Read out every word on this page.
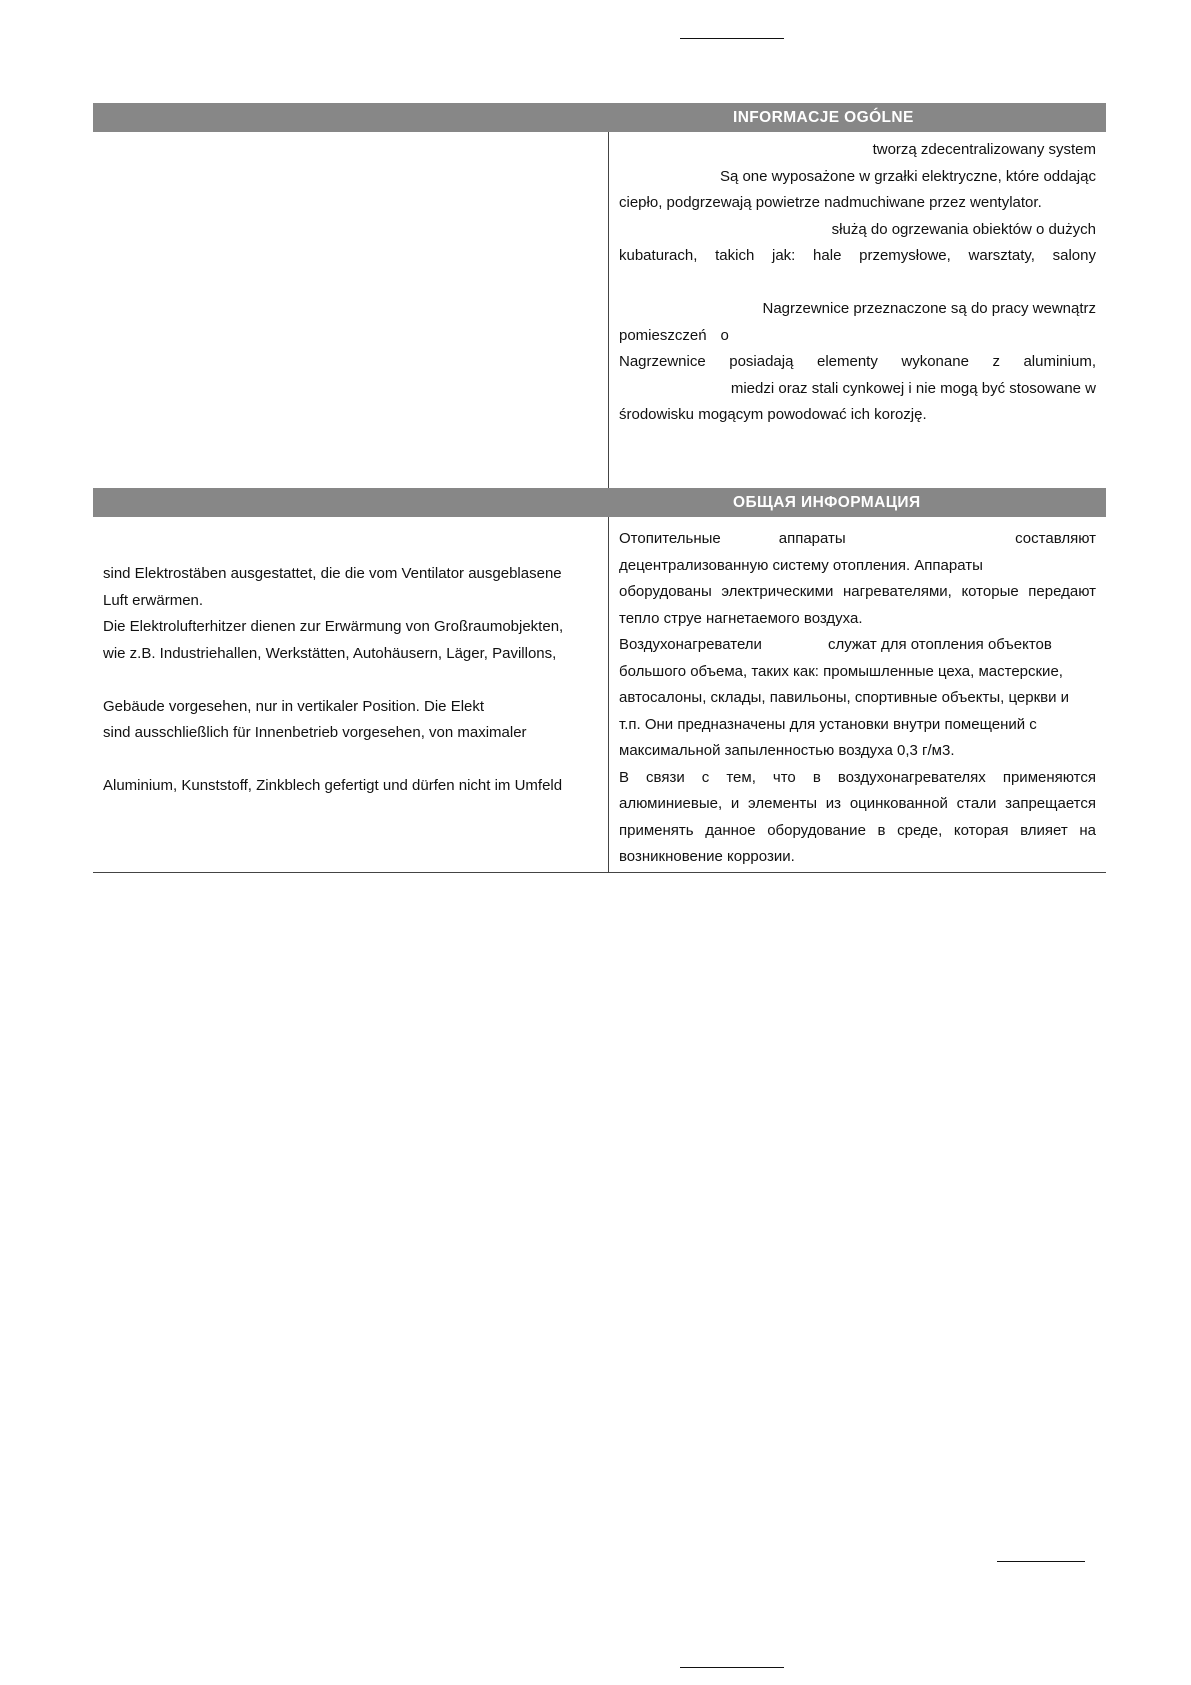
INFORMACJE OGÓLNE
tworzą zdecentralizowany system
Są one wyposażone w grzałki elektryczne, które oddając
ciepło, podgrzewają powietrze nadmuchiwane przez wentylator.
służą do ogrzewania obiektów o dużych
kubaturach, takich jak: hale przemysłowe, warsztaty, salony
Nagrzewnice przeznaczone są do pracy wewnątrz
pomieszczeń o
Nagrzewnice posiadają elementy wykonane z aluminium,
miedzi oraz stali cynkowej i nie mogą być stosowane w
środowisku mogącym powodować ich korozję.
ОБЩАЯ ИНФОРМАЦИЯ
sind Elektrostäben ausgestattet, die die vom Ventilator ausgeblasene
Luft erwärmen.
Die Elektrolufterhitzer dienen zur Erwärmung von Großraumobjekten,
wie z.B. Industriehallen, Werkstätten, Autohäusern, Läger, Pavillons,
Gebäude vorgesehen, nur in vertikaler Position. Die Elekt
sind ausschließlich für Innenbetrieb vorgesehen, von maximaler
Aluminium, Kunststoff, Zinkblech gefertigt und dürfen nicht im Umfeld
Отопительные	аппараты	составляют
децентрализованную системy отопления. Аппараты
оборудованы электрическими нагревателями, которые передают
тепло струе нагнетаемого воздуха.
Воздухонагреватели	служат для отопления объектов
большого объема, таких как: промышленные цеха, мастерские,
автосалоны, склады, павильоны, спортивные объекты, церкви и
т.п. Они предназначены для установки внутри помещений с
максимальной запыленностью воздуха 0,3 г/м3.
В связи с тем, что в воздухонагревателях применяются
алюминиевые, и элементы из оцинкованной стали запрещается
применять данное оборудование в среде, которая влияет на
возникновение коррозии.
